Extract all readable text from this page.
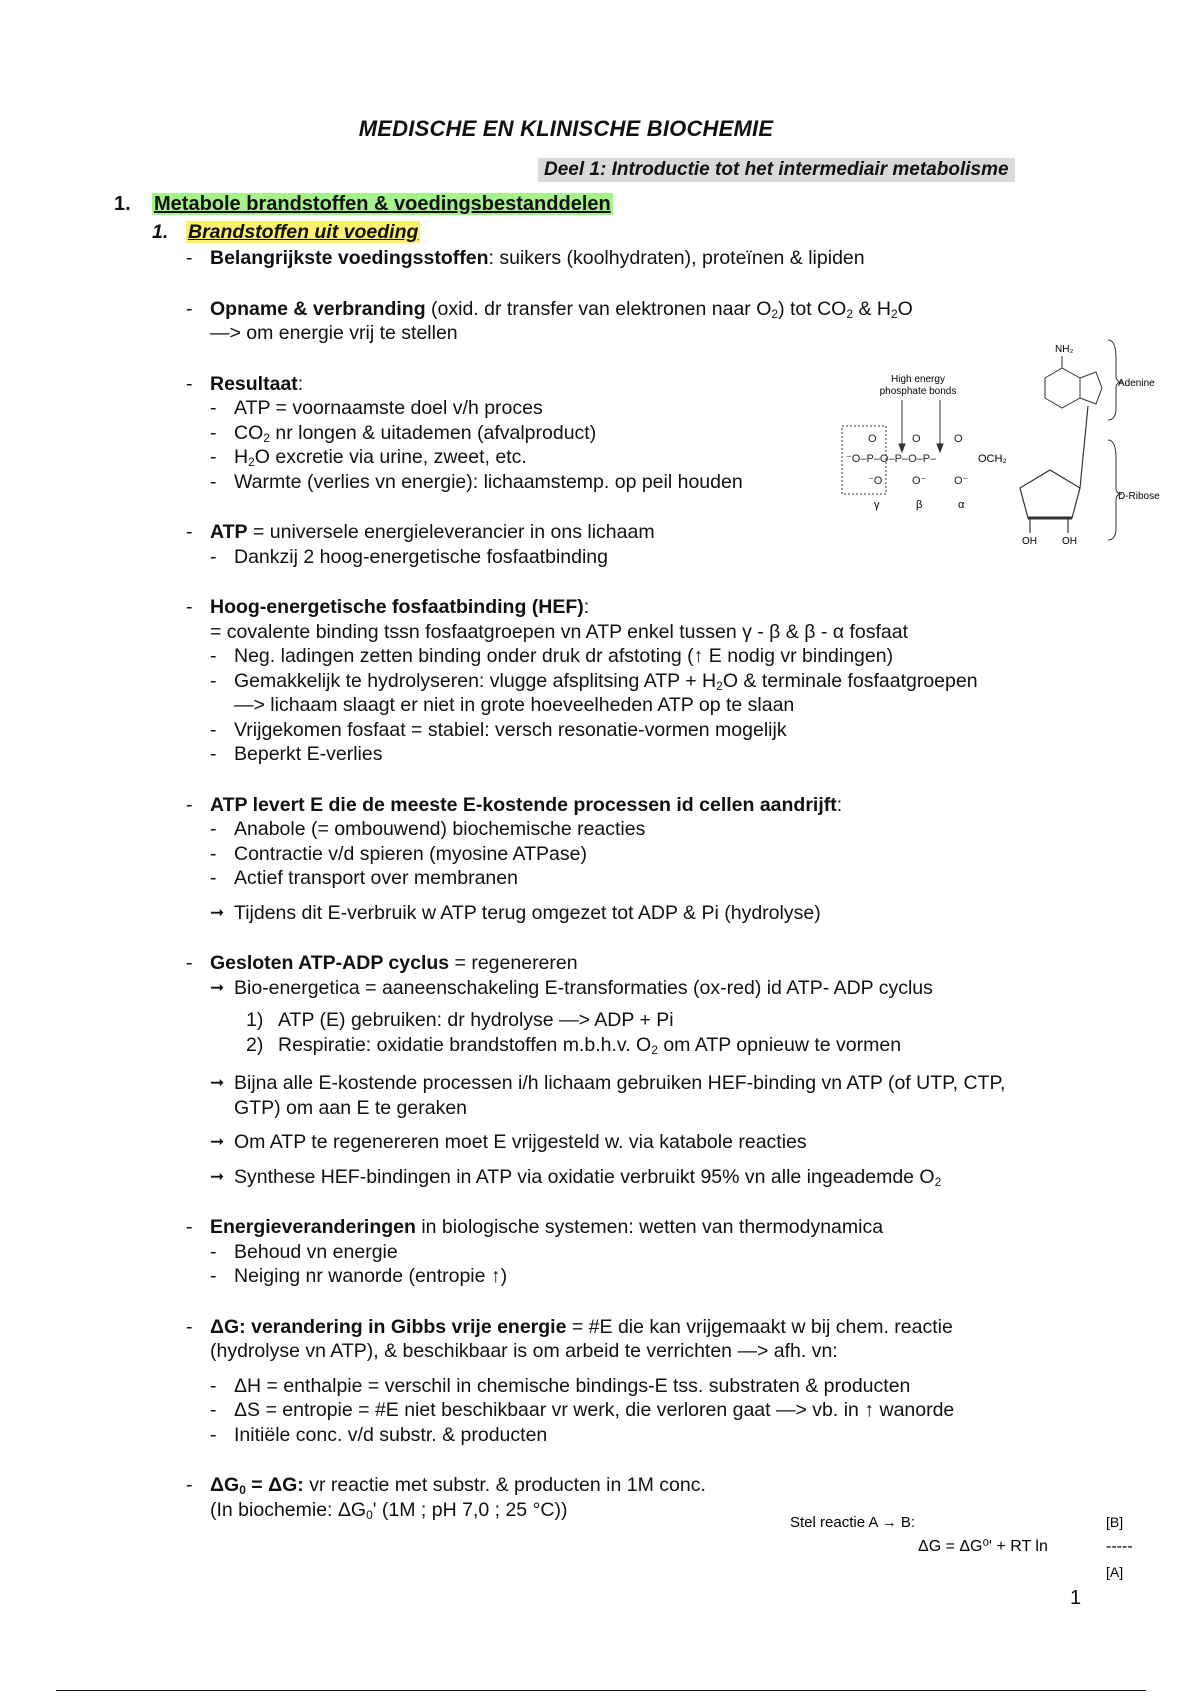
MEDISCHE EN KLINISCHE BIOCHEMIE
Deel 1: Introductie tot het intermediair metabolisme
1. Metabole brandstoffen & voedingsbestanddelen
1. Brandstoffen uit voeding
- Belangrijkste voedingsstoffen: suikers (koolhydraten), proteïnen & lipiden

- Opname & verbranding (oxid. dr transfer van elektronen naar $O_2$) tot $CO_2$ & $H_2O$

—> om energie vrij te stellen

- Resultaat:

- ATP = voornaamste doel v/h proces

- $CO_2$ nr longen & uitademen (afvalproduct)

- $H_2O$ excretie via urine, zweet, etc.

- Warmte (verlies vn energie): lichaamstemp. op peil houden

- ATP = universele energieleverancier in ons lichaam

- Dankzij 2 hoog-energetische fosfaatbinding

- Hoog-energetische fosfaatbinding (HEF):

= covalente binding tssn fosfaatgroepen vn ATP enkel tussen γ - β & β - α fosfaat

- Neg. ladingen zetten binding onder druk dr afstoting (↑ E nodig vr bindingen)

- Gemakkelijk te hydrolyseren: vlugge afsplitsing ATP + $H_2O$ & terminale fosfaatgroepen

—> lichaam slaagt er niet in grote hoeveelheden ATP op te slaan

- Vrijgekomen fosfaat = stabiel: versch resonatie-vormen mogelijk

- Beperkt E-verlies

- ATP levert E die de meeste E-kostende processen id cellen aandrijft:

- Anabole (= ombouwend) biochemische reacties

- Contractie v/d spieren (myosine ATPase)

- Actief transport over membranen

➞ Tijdens dit E-verbruik w ATP terug omgezet tot ADP & Pi (hydrolyse)

- Gesloten ATP-ADP cyclus = regenereren

➞ Bio-energetica = aaneenschakeling E-transformaties (ox-red) id ATP- ADP cyclus

1) ATP (E) gebruiken: dr hydrolyse —> ADP + Pi
2) Respiratie: oxidatie brandstoffen m.b.h.v. $O_2$ om ATP opnieuw te vormen
➞ Bijna alle E-kostende processen i/h lichaam gebruiken HEF-binding vn ATP (of UTP, CTP, GTP) om aan E te geraken

➞ Om ATP te regenereren moet E vrijgesteld w. via katabole reacties

➞ Synthese HEF-bindingen in ATP via oxidatie verbruikt 95% vn alle ingeademde $O_2$

- Energieveranderingen in biologische systemen: wetten van thermodynamica

- Behoud vn energie

- Neiging nr wanorde (entropie ↑)

- ΔG: verandering in Gibbs vrije energie = #E die kan vrijgemaakt w bij chem. reactie

(hydrolyse vn ATP), & beschikbaar is om arbeid te verrichten —> afh. vn:

- ΔH = enthalpie = verschil in chemische bindings-E tss. substraten & producten

- ΔS = entropie = #E niet beschikbaar vr werk, die verloren gaat —> vb. in ↑ wanorde

- Initiële conc. v/d substr. & producten

- $\Delta G_0 = \Delta G$: vr reactie met substr. & producten in 1M conc.

(In biochemie: $\Delta G_0'$ (1M ; pH 7,0 ; 25 °C))

High energy
phosphate bonds
NH₂
Adenine
D-Ribose
OH	OH
⁻O–P–O–P–O–P–
O	O	O
⁻O	O⁻	O⁻
OCH₂
γ	β	α
Stel reactie A → B:
ΔG = ΔG⁰' + RT ln	-----
[B]
[A]
1
